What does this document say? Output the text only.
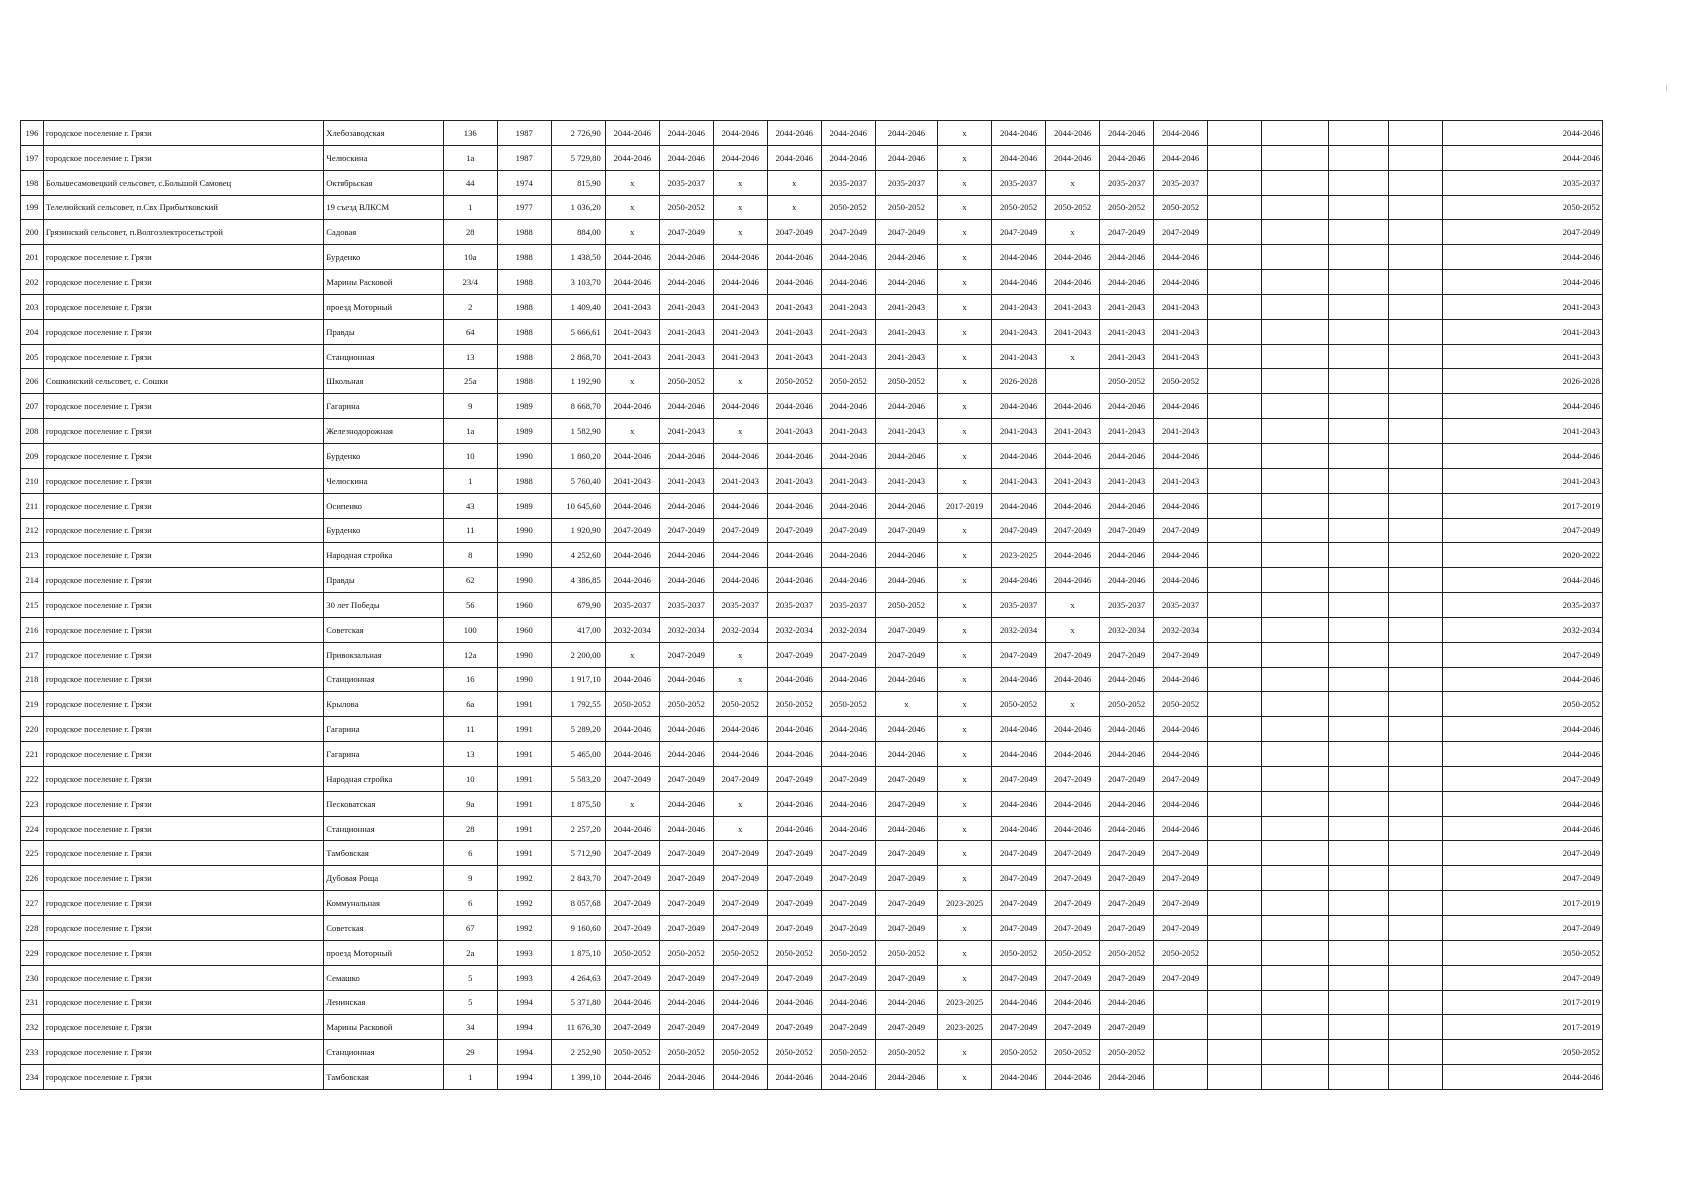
196	городское поселение г. Грязи	Хлебозаводская	136	1987	2 726,90	2044-2046	2044-2046	2044-2046	2044-2046	2044-2046	2044-2046	x	2044-2046	2044-2046	2044-2046	2044-2046					2044-2046
197	городское поселение г. Грязи	Челюскина	1а	1987	5 729,80	2044-2046	2044-2046	2044-2046	2044-2046	2044-2046	2044-2046	x	2044-2046	2044-2046	2044-2046	2044-2046					2044-2046
198	Большесамовецкий сельсовет, с.Большой Самовец	Октябрьская	44	1974	815,90	x	2035-2037	x	x	2035-2037	2035-2037	x	2035-2037	x	2035-2037	2035-2037					2035-2037
199	Телелюйский сельсовет, п.Свх Прибытковский	19 съезд ВЛКСМ	1	1977	1 036,20	x	2050-2052	x	x	2050-2052	2050-2052	x	2050-2052	2050-2052	2050-2052	2050-2052					2050-2052
200	Грязинский сельсовет, п.Волгоэлектросетьстрой	Садовая	28	1988	884,00	x	2047-2049	x	2047-2049	2047-2049	2047-2049	x	2047-2049	x	2047-2049	2047-2049					2047-2049
201	городское поселение г. Грязи	Бурденко	10а	1988	1 438,50	2044-2046	2044-2046	2044-2046	2044-2046	2044-2046	2044-2046	x	2044-2046	2044-2046	2044-2046	2044-2046					2044-2046
202	городское поселение г. Грязи	Марины Расковой	23/4	1988	3 103,70	2044-2046	2044-2046	2044-2046	2044-2046	2044-2046	2044-2046	x	2044-2046	2044-2046	2044-2046	2044-2046					2044-2046
203	городское поселение г. Грязи	проезд Моторный	2	1988	1 409,40	2041-2043	2041-2043	2041-2043	2041-2043	2041-2043	2041-2043	x	2041-2043	2041-2043	2041-2043	2041-2043					2041-2043
204	городское поселение г. Грязи	Правды	64	1988	5 666,61	2041-2043	2041-2043	2041-2043	2041-2043	2041-2043	2041-2043	x	2041-2043	2041-2043	2041-2043	2041-2043					2041-2043
205	городское поселение г. Грязи	Станционная	13	1988	2 868,70	2041-2043	2041-2043	2041-2043	2041-2043	2041-2043	2041-2043	x	2041-2043	x	2041-2043	2041-2043					2041-2043
206	Сошкинский сельсовет, с. Сошки	Школьная	25а	1988	1 192,90	x	2050-2052	x	2050-2052	2050-2052	2050-2052	x	2026-2028		2050-2052	2050-2052					2026-2028
207	городское поселение г. Грязи	Гагарина	9	1989	8 668,70	2044-2046	2044-2046	2044-2046	2044-2046	2044-2046	2044-2046	x	2044-2046	2044-2046	2044-2046	2044-2046					2044-2046
208	городское поселение г. Грязи	Железнодорожная	1а	1989	1 582,90	x	2041-2043	x	2041-2043	2041-2043	2041-2043	x	2041-2043	2041-2043	2041-2043	2041-2043					2041-2043
209	городское поселение г. Грязи	Бурденко	10	1990	1 860,20	2044-2046	2044-2046	2044-2046	2044-2046	2044-2046	2044-2046	x	2044-2046	2044-2046	2044-2046	2044-2046					2044-2046
210	городское поселение г. Грязи	Челюскина	1	1988	5 760,40	2041-2043	2041-2043	2041-2043	2041-2043	2041-2043	2041-2043	x	2041-2043	2041-2043	2041-2043	2041-2043					2041-2043
211	городское поселение г. Грязи	Осипенко	43	1989	10 645,60	2044-2046	2044-2046	2044-2046	2044-2046	2044-2046	2044-2046	2017-2019	2044-2046	2044-2046	2044-2046	2044-2046					2017-2019
212	городское поселение г. Грязи	Бурденко	11	1990	1 920,90	2047-2049	2047-2049	2047-2049	2047-2049	2047-2049	2047-2049	x	2047-2049	2047-2049	2047-2049	2047-2049					2047-2049
213	городское поселение г. Грязи	Народная стройка	8	1990	4 252,60	2044-2046	2044-2046	2044-2046	2044-2046	2044-2046	2044-2046	x	2023-2025	2044-2046	2044-2046	2044-2046					2020-2022
214	городское поселение г. Грязи	Правды	62	1990	4 386,85	2044-2046	2044-2046	2044-2046	2044-2046	2044-2046	2044-2046	x	2044-2046	2044-2046	2044-2046	2044-2046					2044-2046
215	городское поселение г. Грязи	30 лет Победы	56	1960	679,90	2035-2037	2035-2037	2035-2037	2035-2037	2035-2037	2050-2052	x	2035-2037	x	2035-2037	2035-2037					2035-2037
216	городское поселение г. Грязи	Советская	100	1960	417,00	2032-2034	2032-2034	2032-2034	2032-2034	2032-2034	2047-2049	x	2032-2034	x	2032-2034	2032-2034					2032-2034
217	городское поселение г. Грязи	Привокзальная	12а	1990	2 200,00	x	2047-2049	x	2047-2049	2047-2049	2047-2049	x	2047-2049	2047-2049	2047-2049	2047-2049					2047-2049
218	городское поселение г. Грязи	Станционная	16	1990	1 917,10	2044-2046	2044-2046	x	2044-2046	2044-2046	2044-2046	x	2044-2046	2044-2046	2044-2046	2044-2046					2044-2046
219	городское поселение г. Грязи	Крылова	6а	1991	1 792,55	2050-2052	2050-2052	2050-2052	2050-2052	2050-2052	x	x	2050-2052	x	2050-2052	2050-2052					2050-2052
220	городское поселение г. Грязи	Гагарина	11	1991	5 289,20	2044-2046	2044-2046	2044-2046	2044-2046	2044-2046	2044-2046	x	2044-2046	2044-2046	2044-2046	2044-2046					2044-2046
221	городское поселение г. Грязи	Гагарина	13	1991	5 465,00	2044-2046	2044-2046	2044-2046	2044-2046	2044-2046	2044-2046	x	2044-2046	2044-2046	2044-2046	2044-2046					2044-2046
222	городское поселение г. Грязи	Народная стройка	10	1991	5 583,20	2047-2049	2047-2049	2047-2049	2047-2049	2047-2049	2047-2049	x	2047-2049	2047-2049	2047-2049	2047-2049					2047-2049
223	городское поселение г. Грязи	Песковатская	9а	1991	1 875,50	x	2044-2046	x	2044-2046	2044-2046	2047-2049	x	2044-2046	2044-2046	2044-2046	2044-2046					2044-2046
224	городское поселение г. Грязи	Станционная	28	1991	2 257,20	2044-2046	2044-2046	x	2044-2046	2044-2046	2044-2046	x	2044-2046	2044-2046	2044-2046	2044-2046					2044-2046
225	городское поселение г. Грязи	Тамбовская	6	1991	5 712,90	2047-2049	2047-2049	2047-2049	2047-2049	2047-2049	2047-2049	x	2047-2049	2047-2049	2047-2049	2047-2049					2047-2049
226	городское поселение г. Грязи	Дубовая Роща	9	1992	2 843,70	2047-2049	2047-2049	2047-2049	2047-2049	2047-2049	2047-2049	x	2047-2049	2047-2049	2047-2049	2047-2049					2047-2049
227	городское поселение г. Грязи	Коммунальная	6	1992	8 057,68	2047-2049	2047-2049	2047-2049	2047-2049	2047-2049	2047-2049	2023-2025	2047-2049	2047-2049	2047-2049	2047-2049					2017-2019
228	городское поселение г. Грязи	Советская	67	1992	9 160,60	2047-2049	2047-2049	2047-2049	2047-2049	2047-2049	2047-2049	x	2047-2049	2047-2049	2047-2049	2047-2049					2047-2049
229	городское поселение г. Грязи	проезд Моторный	2а	1993	1 875,10	2050-2052	2050-2052	2050-2052	2050-2052	2050-2052	2050-2052	x	2050-2052	2050-2052	2050-2052	2050-2052					2050-2052
230	городское поселение г. Грязи	Семашко	5	1993	4 264,63	2047-2049	2047-2049	2047-2049	2047-2049	2047-2049	2047-2049	x	2047-2049	2047-2049	2047-2049	2047-2049					2047-2049
231	городское поселение г. Грязи	Ленинская	5	1994	5 371,80	2044-2046	2044-2046	2044-2046	2044-2046	2044-2046	2044-2046	2023-2025	2044-2046	2044-2046	2044-2046						2017-2019
232	городское поселение г. Грязи	Марины Расковой	34	1994	11 676,30	2047-2049	2047-2049	2047-2049	2047-2049	2047-2049	2047-2049	2023-2025	2047-2049	2047-2049	2047-2049						2017-2019
233	городское поселение г. Грязи	Станционная	29	1994	2 252,90	2050-2052	2050-2052	2050-2052	2050-2052	2050-2052	2050-2052	x	2050-2052	2050-2052	2050-2052						2050-2052
234	городское поселение г. Грязи	Тамбовская	1	1994	1 399,10	2044-2046	2044-2046	2044-2046	2044-2046	2044-2046	2044-2046	x	2044-2046	2044-2046	2044-2046						2044-2046
